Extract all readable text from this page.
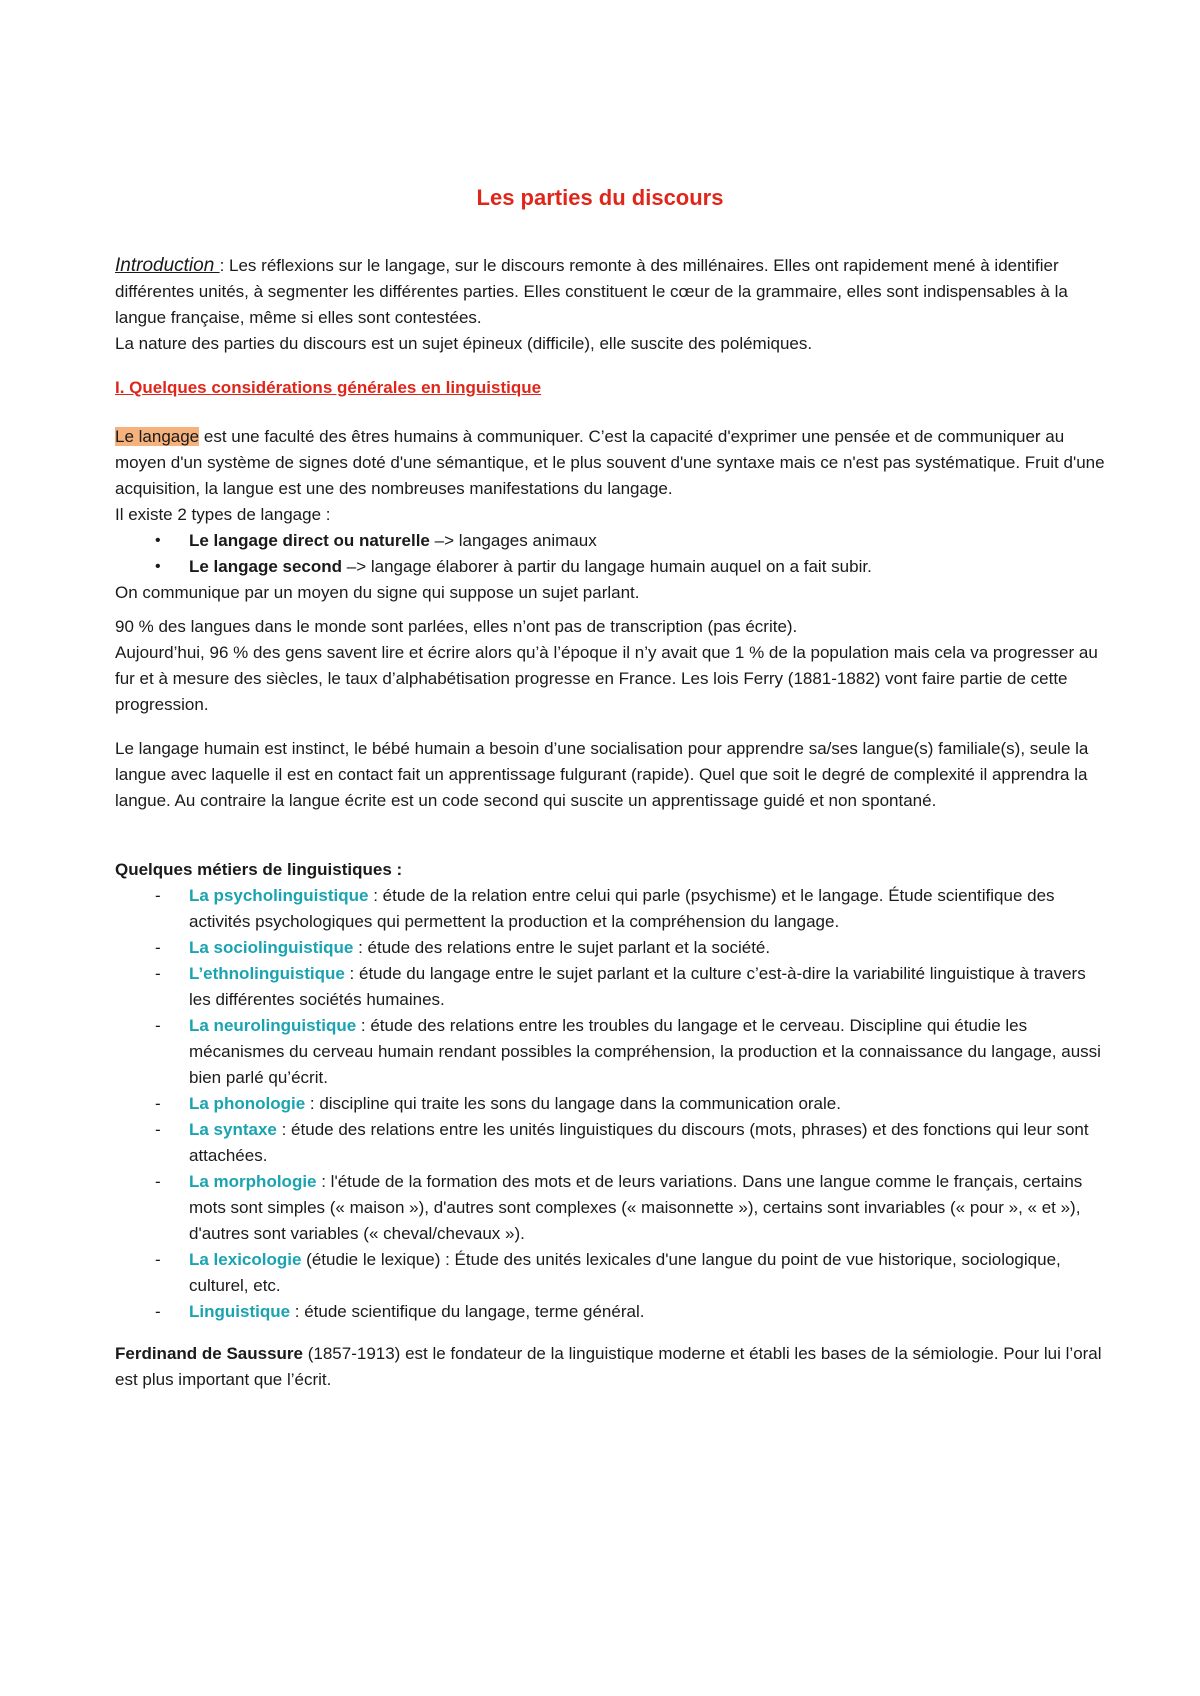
Les parties du discours

Introduction : Les réflexions sur le langage, sur le discours remonte à des millénaires. Elles ont rapidement mené à identifier différentes unités, à segmenter les différentes parties. Elles constituent le cœur de la grammaire, elles sont indispensables à la langue française, même si elles sont contestées.

La nature des parties du discours est un sujet épineux (difficile), elle suscite des polémiques.

I. Quelques considérations générales en linguistique

Le langage est une faculté des êtres humains à communiquer. C’est la capacité d'exprimer une pensée et de communiquer au moyen d'un système de signes doté d'une sémantique, et le plus souvent d'une syntaxe mais ce n'est pas systématique. Fruit d'une acquisition, la langue est une des nombreuses manifestations du langage.

Il existe 2 types de langage :

• Le langage direct ou naturelle –> langages animaux
• Le langage second –> langage élaborer à partir du langage humain auquel on a fait subir.

On communique par un moyen du signe qui suppose un sujet parlant.

90 % des langues dans le monde sont parlées, elles n’ont pas de transcription (pas écrite).

Aujourd’hui, 96 % des gens savent lire et écrire alors qu’à l’époque il n’y avait que 1 % de la population mais cela va progresser au fur et à mesure des siècles, le taux d’alphabétisation progresse en France. Les lois Ferry (1881-1882) vont faire partie de cette progression.

Le langage humain est instinct, le bébé humain a besoin d’une socialisation pour apprendre sa/ses langue(s) familiale(s), seule la langue avec laquelle il est en contact fait un apprentissage fulgurant (rapide). Quel que soit le degré de complexité il apprendra la langue. Au contraire la langue écrite est un code second qui suscite un apprentissage guidé et non spontané.

Quelques métiers de linguistiques :

- La psycholinguistique : étude de la relation entre celui qui parle (psychisme) et le langage. Étude scientifique des activités psychologiques qui permettent la production et la compréhension du langage.
- La sociolinguistique : étude des relations entre le sujet parlant et la société.
- L’ethnolinguistique : étude du langage entre le sujet parlant et la culture c’est-à-dire la variabilité linguistique à travers les différentes sociétés humaines.
- La neurolinguistique : étude des relations entre les troubles du langage et le cerveau. Discipline qui étudie les mécanismes du cerveau humain rendant possibles la compréhension, la production et la connaissance du langage, aussi bien parlé qu’écrit.
- La phonologie : discipline qui traite les sons du langage dans la communication orale.
- La syntaxe : étude des relations entre les unités linguistiques du discours (mots, phrases) et des fonctions qui leur sont attachées.
- La morphologie : l'étude de la formation des mots et de leurs variations. Dans une langue comme le français, certains mots sont simples (« maison »), d'autres sont complexes (« maisonnette »), certains sont invariables (« pour », « et »), d'autres sont variables (« cheval/chevaux »).
- La lexicologie (étudie le lexique) : Étude des unités lexicales d'une langue du point de vue historique, sociologique, culturel, etc.
- Linguistique : étude scientifique du langage, terme général.

Ferdinand de Saussure (1857-1913) est le fondateur de la linguistique moderne et établi les bases de la sémiologie. Pour lui l’oral est plus important que l’écrit.
